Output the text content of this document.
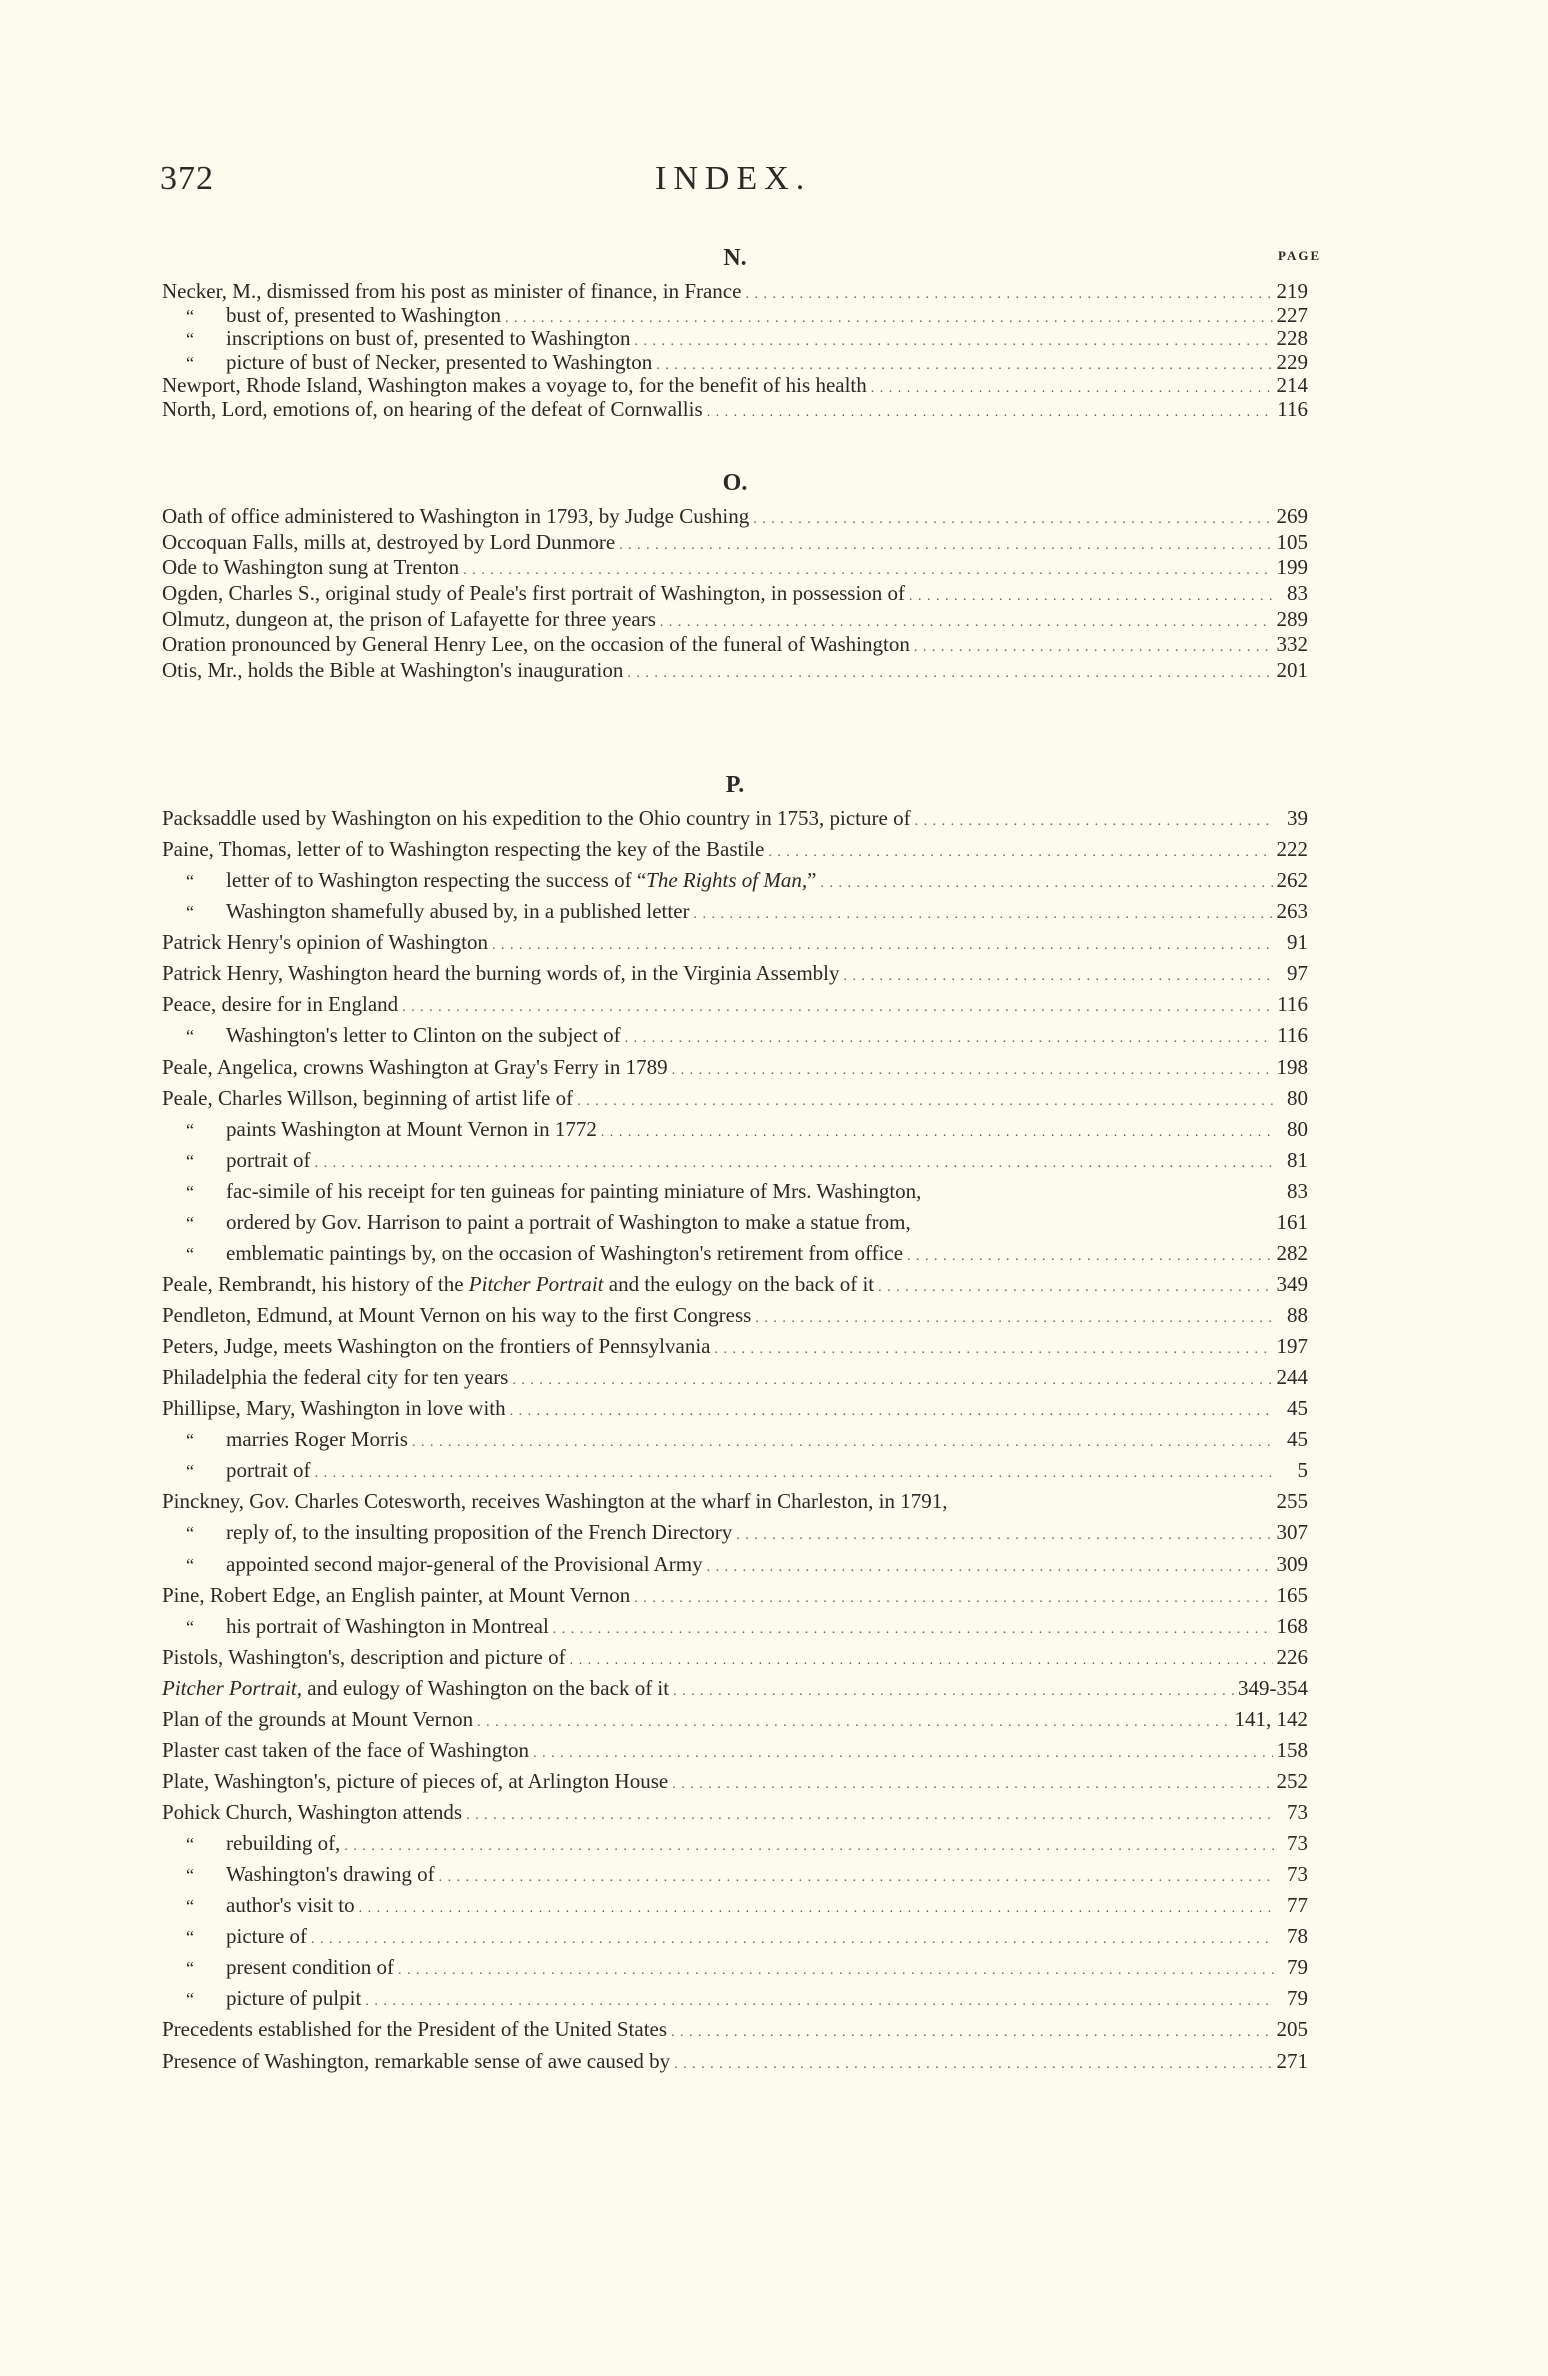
372	INDEX.
PAGE
N.
Necker, M., dismissed from his post as minister of finance, in France . . .	219
“	bust of, presented to Washington . . .	227
“	inscriptions on bust of, presented to Washington . . .	228
“	picture of bust of Necker, presented to Washington . . .	229
Newport, Rhode Island, Washington makes a voyage to, for the benefit of his health . . .	214
North, Lord, emotions of, on hearing of the defeat of Cornwallis . . .	116
O.
Oath of office administered to Washington in 1793, by Judge Cushing . . .	269
Occoquan Falls, mills at, destroyed by Lord Dunmore . . .	105
Ode to Washington sung at Trenton . . .	199
Ogden, Charles S., original study of Peale's first portrait of Washington, in possession of . . .	83
Olmutz, dungeon at, the prison of Lafayette for three years . . .	289
Oration pronounced by General Henry Lee, on the occasion of the funeral of Washington . . .	332
Otis, Mr., holds the Bible at Washington's inauguration . . .	201
P.
Packsaddle used by Washington on his expedition to the Ohio country in 1753, picture of . . .	39
Paine, Thomas, letter of to Washington respecting the key of the Bastile . . .	222
“	letter of to Washington respecting the success of “The Rights of Man,” . . .	262
“	Washington shamefully abused by, in a published letter . . .	263
Patrick Henry's opinion of Washington . . .	91
Patrick Henry, Washington heard the burning words of, in the Virginia Assembly . . .	97
Peace, desire for in England . . .	116
“	Washington's letter to Clinton on the subject of . . .	116
Peale, Angelica, crowns Washington at Gray's Ferry in 1789 . . .	198
Peale, Charles Willson, beginning of artist life of . . .	80
“	paints Washington at Mount Vernon in 1772 . . .	80
“	portrait of . . .	81
“	fac-simile of his receipt for ten guineas for painting miniature of Mrs. Washington,	83
“	ordered by Gov. Harrison to paint a portrait of Washington to make a statue from,	161
“	emblematic paintings by, on the occasion of Washington's retirement from office . . .	282
Peale, Rembrandt, his history of the Pitcher Portrait and the eulogy on the back of it . . .	349
Pendleton, Edmund, at Mount Vernon on his way to the first Congress . . .	88
Peters, Judge, meets Washington on the frontiers of Pennsylvania . . .	197
Philadelphia the federal city for ten years . . .	244
Phillipse, Mary, Washington in love with . . .	45
“	marries Roger Morris . . .	45
“	portrait of . . .	5
Pinckney, Gov. Charles Cotesworth, receives Washington at the wharf in Charleston, in 1791,	255
“	reply of, to the insulting proposition of the French Directory . . .	307
“	appointed second major-general of the Provisional Army . . .	309
Pine, Robert Edge, an English painter, at Mount Vernon . . .	165
“	his portrait of Washington in Montreal . . .	168
Pistols, Washington's, description and picture of . . .	226
Pitcher Portrait, and eulogy of Washington on the back of it . . .	349-354
Plan of the grounds at Mount Vernon . . .	141, 142
Plaster cast taken of the face of Washington . . .	158
Plate, Washington's, picture of pieces of, at Arlington House . . .	252
Pohick Church, Washington attends . . .	73
“	rebuilding of, . . .	73
“	Washington's drawing of . . .	73
“	author's visit to . . .	77
“	picture of . . .	78
“	present condition of . . .	79
“	picture of pulpit . . .	79
Precedents established for the President of the United States . . .	205
Presence of Washington, remarkable sense of awe caused by . . .	271
